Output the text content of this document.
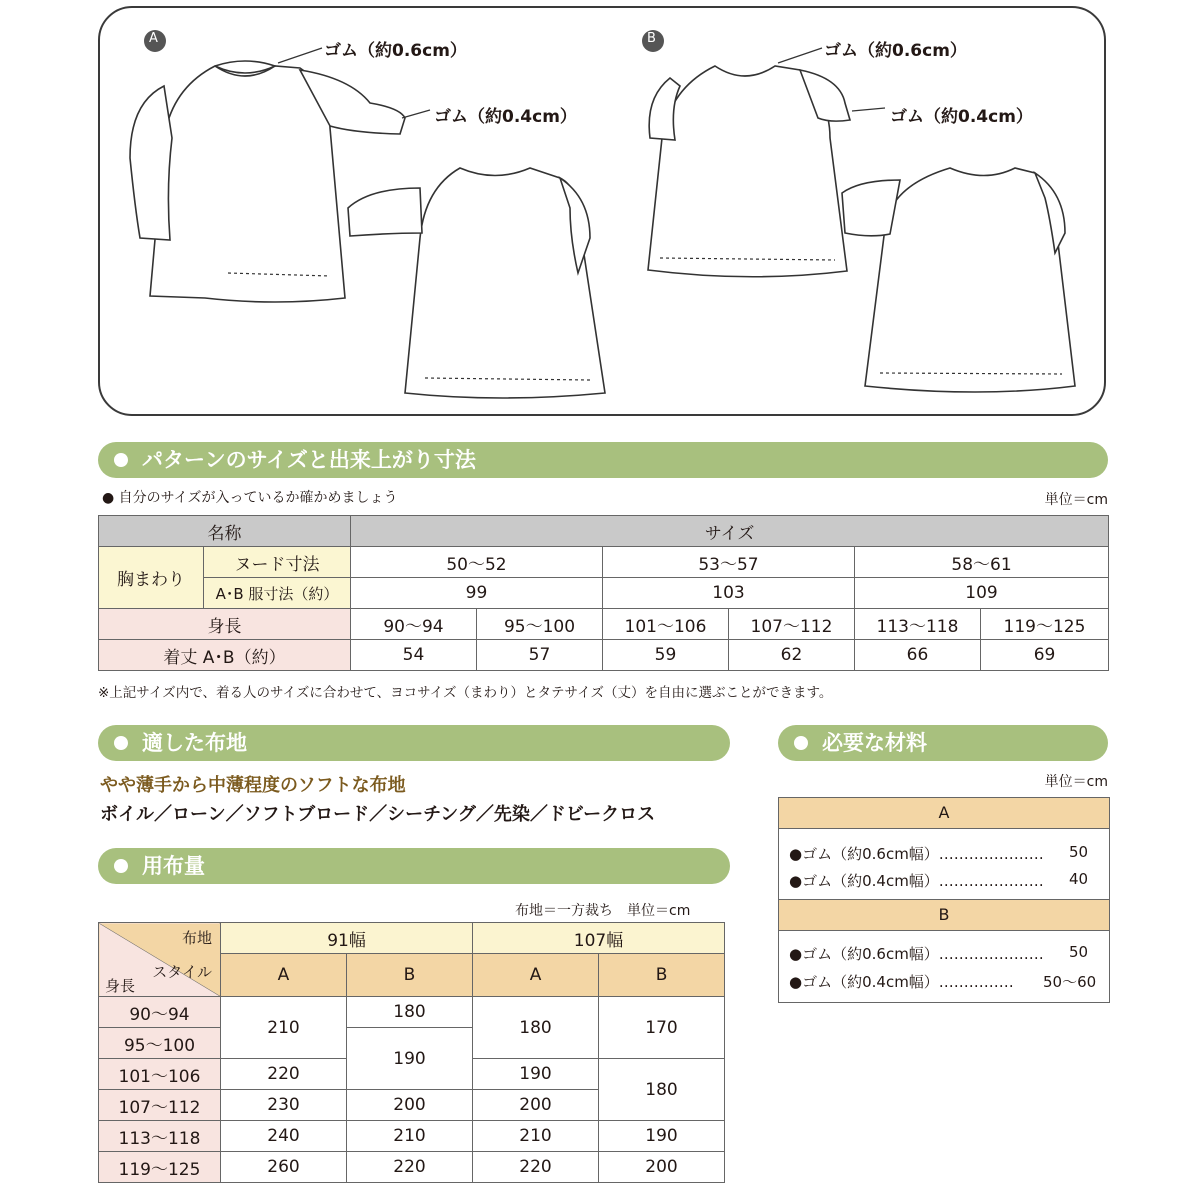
A	B
ゴム（約0.6cm）
ゴム（約0.4cm）
ゴム（約0.6cm）
ゴム（約0.4cm）
パターンのサイズと出来上がり寸法
● 自分のサイズが入っているか確かめましょう	単位＝cm
名称		サイズ					
胸まわり	ヌード寸法	50〜52		53〜57		58〜61	
	A･B 服寸法（約）	99		103		109	
身長		90〜94	95〜100	101〜106	107〜112	113〜118	119〜125
着丈 A･B（約）		54	57	59	62	66	69
※上記サイズ内で、着る人のサイズに合わせて、ヨコサイズ（まわり）とタテサイズ（丈）を自由に選ぶことができます。
適した布地
やや薄手から中薄程度のソフトな布地
ボイル／ローン／ソフトブロード／シーチング／先染／ドビークロス
必要な材料
単位＝cm
A
●ゴム（約0.6cm幅）………………… 50
●ゴム（約0.4cm幅）………………… 40
B
●ゴム（約0.6cm幅）………………… 50
●ゴム（約0.4cm幅）…………… 50〜60
用布量
布地＝一方裁ち　単位＝cm
布地
スタイル
身長	91幅		107幅	
	A	B	A	B
90〜94	210	180	180	170
95〜100		190		
101〜106	220		190	180
107〜112	230	200	200	
113〜118	240	210	210	190
119〜125	260	220	220	200
